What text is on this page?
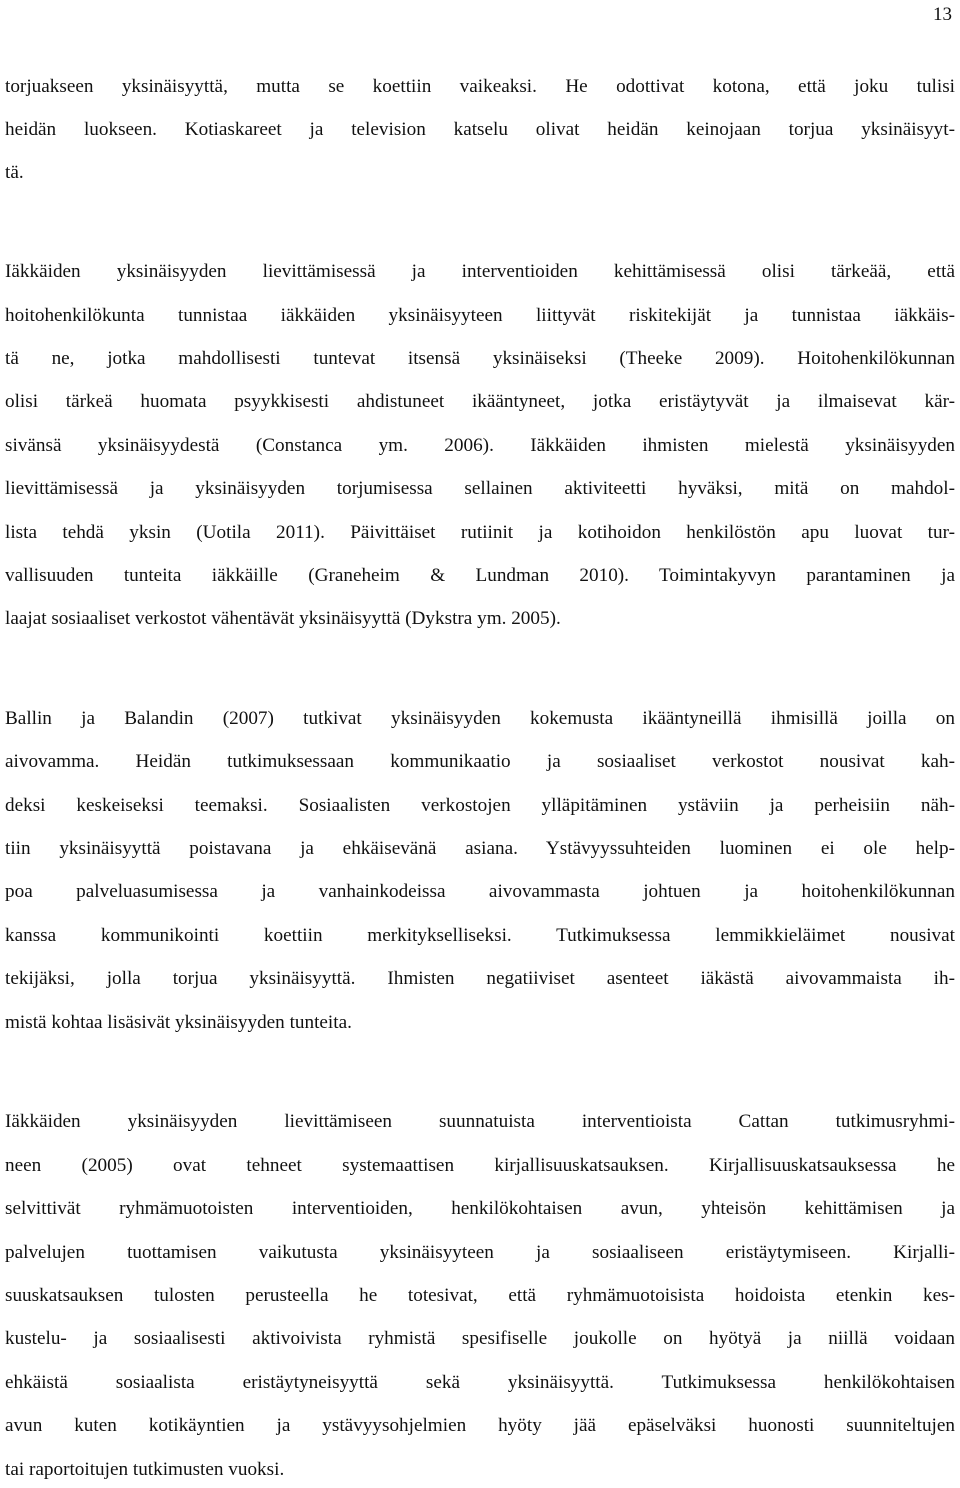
13
torjuakseen yksinäisyyttä, mutta se koettiin vaikeaksi. He odottivat kotona, että joku tulisi
heidän luokseen. Kotiaskareet ja television katselu olivat heidän keinojaan torjua yksinäisyyt-
tä.
Iäkkäiden yksinäisyyden lievittämisessä ja interventioiden kehittämisessä olisi tärkeää, että
hoitohenkilökunta tunnistaa iäkkäiden yksinäisyyteen liittyvät riskitekijät ja tunnistaa iäkkäis-
tä ne, jotka mahdollisesti tuntevat itsensä yksinäiseksi (Theeke 2009). Hoitohenkilökunnan
olisi tärkeä huomata psyykkisesti ahdistuneet ikääntyneet, jotka eristäytyvät ja ilmaisevat kär-
sivänsä yksinäisyydestä (Constanca ym. 2006). Iäkkäiden ihmisten mielestä yksinäisyyden
lievittämisessä ja yksinäisyyden torjumisessa sellainen aktiviteetti hyväksi, mitä on mahdol-
lista tehdä yksin (Uotila 2011). Päivittäiset rutiinit ja kotihoidon henkilöstön apu luovat tur-
vallisuuden tunteita iäkkäille (Graneheim & Lundman 2010). Toimintakyvyn parantaminen ja
laajat sosiaaliset verkostot vähentävät yksinäisyyttä (Dykstra ym. 2005).
Ballin ja Balandin (2007) tutkivat yksinäisyyden kokemusta ikääntyneillä ihmisillä joilla on
aivovamma. Heidän tutkimuksessaan kommunikaatio ja sosiaaliset verkostot nousivat kah-
deksi keskeiseksi teemaksi. Sosiaalisten verkostojen ylläpitäminen ystäviin ja perheisiin näh-
tiin yksinäisyyttä poistavana ja ehkäisevänä asiana. Ystävyyssuhteiden luominen ei ole help-
poa palveluasumisessa ja vanhainkodeissa aivovammasta johtuen ja hoitohenkilökunnan
kanssa kommunikointi koettiin merkitykselliseksi. Tutkimuksessa lemmikkieläimet nousivat
tekijäksi, jolla torjua yksinäisyyttä. Ihmisten negatiiviset asenteet iäkästä aivovammaista ih-
mistä kohtaa lisäsivät yksinäisyyden tunteita.
Iäkkäiden yksinäisyyden lievittämiseen suunnatuista interventioista Cattan tutkimusryhmi-
neen (2005) ovat tehneet systemaattisen kirjallisuuskatsauksen. Kirjallisuuskatsauksessa he
selvittivät ryhmämuotoisten interventioiden, henkilökohtaisen avun, yhteisön kehittämisen ja
palvelujen tuottamisen vaikutusta yksinäisyyteen ja sosiaaliseen eristäytymiseen. Kirjalli-
suuskatsauksen tulosten perusteella he totesivat, että ryhmämuotoisista hoidoista etenkin kes-
kustelu- ja sosiaalisesti aktivoivista ryhmistä spesifiselle joukolle on hyötyä ja niillä voidaan
ehkäistä sosiaalista eristäytyneisyyttä sekä yksinäisyyttä. Tutkimuksessa henkilökohtaisen
avun kuten kotikäyntien ja ystävyysohjelmien hyöty jää epäselväksi huonosti suunniteltujen
tai raportoitujen tutkimusten vuoksi.
